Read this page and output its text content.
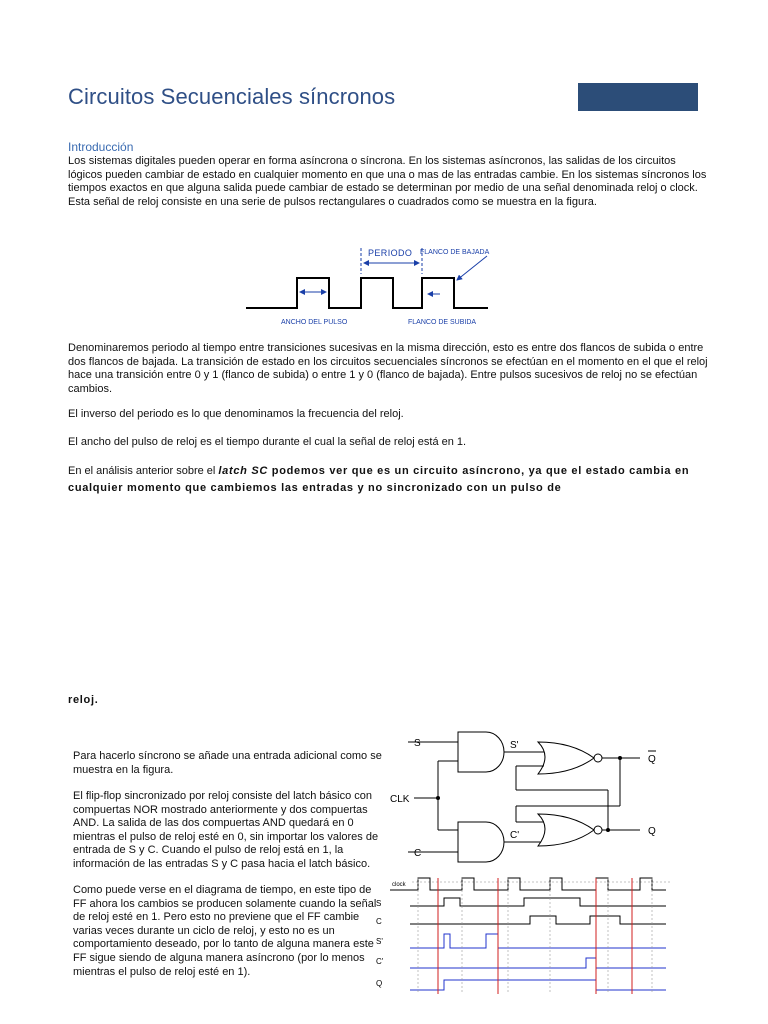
Circuitos Secuenciales síncronos
Introducción

Los sistemas digitales pueden operar en forma asíncrona o síncrona. En los sistemas asíncronos, las salidas de los circuitos lógicos pueden cambiar de estado en cualquier momento en que una o mas de las entradas cambie. En los sistemas síncronos los tiempos exactos en que alguna salida puede cambiar de estado se determinan por medio de una señal denominada reloj o clock. Esta señal de reloj consiste en una serie de pulsos rectangulares o cuadrados como se muestra en la figura.

PERIODO FLANCO DE BAJADA
ANCHO DEL PULSO	FLANCO DE SUBIDA

Denominaremos periodo al tiempo entre transiciones sucesivas en la misma dirección, esto es entre dos flancos de subida o entre dos flancos de bajada. La transición de estado en los circuitos secuenciales síncronos se efectúan en el momento en el que el reloj hace una transición entre 0 y 1 (flanco de subida) o entre 1 y 0 (flanco de bajada). Entre pulsos sucesivos de reloj no se efectúan cambios.

El inverso del periodo es lo que denominamos la frecuencia del reloj.

El ancho del pulso de reloj es el tiempo durante el cual la señal de reloj está en 1.

En el análisis anterior sobre el latch SC podemos ver que es un circuito asíncrono, ya que el estado cambia en cualquier momento que cambiemos las entradas y no sincronizado con un pulso de

reloj.

Para hacerlo síncrono se añade una entrada adicional como se muestra en la figura.

El flip-flop sincronizado por reloj consiste del latch básico con compuertas NOR mostrado anteriormente y dos compuertas AND. La salida de las dos compuertas AND quedará en 0 mientras el pulso de reloj esté en 0, sin importar los valores de entrada de S y C. Cuando el pulso de reloj está en 1, la información de las entradas S y C pasa hacia el latch básico.

Como puede verse en el diagrama de tiempo, en este tipo de FF ahora los cambios se producen solamente cuando la señal de reloj esté en 1. Pero esto no previene que el FF cambie varias veces durante un ciclo de reloj, y esto no es un comportamiento deseado, por lo tanto de alguna manera este FF sigue siendo de alguna manera asíncrono (por lo menos mientras el pulso de reloj esté en 1).

S	S'
CLK
C
C'
Q
Q
clock
S
C
S'
C'
Q
